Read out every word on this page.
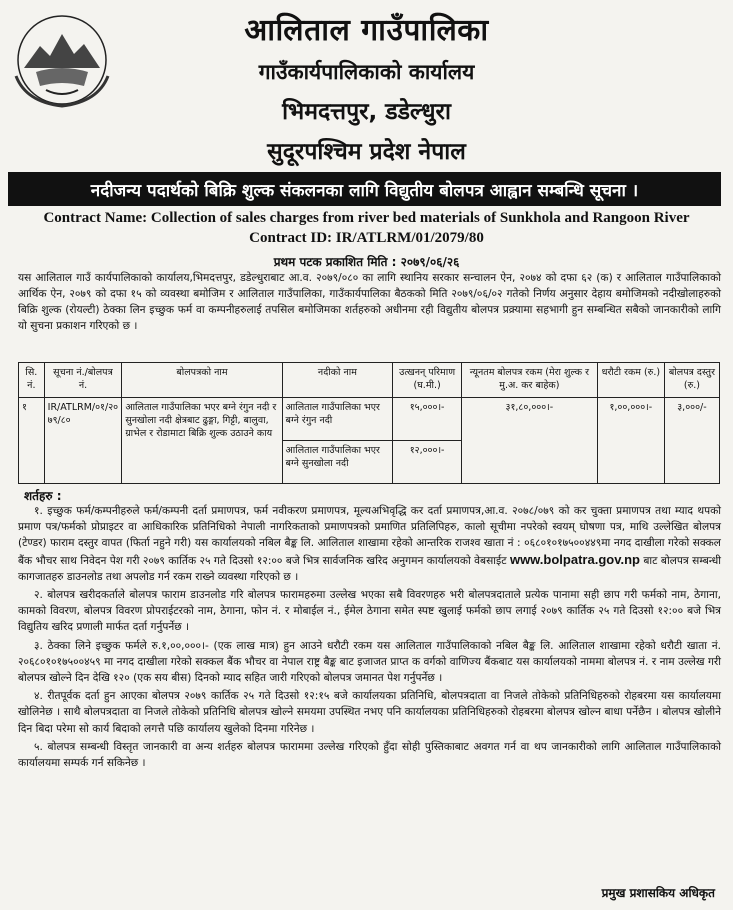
आलिताल गाउँपालिका
गाउँकार्यपालिकाको कार्यालय
भिमदत्तपुर, डडेल्धुरा
सुदूरपश्चिम प्रदेश नेपाल
नदीजन्य पदार्थको बिक्रि शुल्क संकलनका लागि विद्युतीय बोलपत्र आह्वान सम्बन्धि सूचना ।
Contract Name: Collection of sales charges from river bed materials of Sunkhola and Rangoon River
Contract ID: IR/ATLRM/01/2079/80
प्रथम पटक प्रकाशित मिति : २०७९/०६/२६
यस आलिताल गाउँ कार्यपालिकाको कार्यालय,भिमदत्तपुर, डडेल्धुराबाट आ.व. २०७९/०८० का लागि स्थानिय सरकार सन्चालन ऐन, २०७४ को दफा ६२ (क) र आलिताल गाउँपालिकाको आर्थिक ऐन, २०७९ को दफा १५ को व्यवस्था बमोजिम र आलिताल गाउँपालिका, गाउँकार्यपालिका बैठकको मिति २०७९/०६/०२ गतेको निर्णय अनुसार देहाय बमोजिमको नदीखोलाहरुको बिक्रि शुल्क (रोयल्टी) ठेक्का लिन इच्छुक फर्म वा कम्पनीहरुलाई तपसिल बमोजिमका शर्तहरुको अधीनमा रही विद्युतीय बोलपत्र प्रक्र्यामा सहभागी हुन सम्बन्धित सबैको जानकारीको लागि यो सुचना प्रकाशन गरिएको छ ।
सि. नं.	सूचना नं./बोलपत्र नं.	बोलपत्रको नाम	नदीको नाम	उत्खनन् परिमाण (घ.मी.)	न्यूनतम बोलपत्र रकम (मेरा शुल्क र मु.अ. कर बाहेक)	धरौटी रकम (रु.)	बोलपत्र दस्तुर (रु.)
१	IR/ATLRM/०१/२०७९/८०	आलिताल गाउँपालिका भएर बग्ने रंगुन नदी र सुनखोला नदी क्षेत्रबाट ढुङ्गा, गिट्टी, बालुवा, ग्राभेल र रोडामाटा बिक्रि शुल्क उठाउने काय	आलिताल गाउँपालिका भएर बग्ने रंगुन नदी	१५,०००।-	३१,८०,०००।-	१,००,०००।-	३,०००/-
			आलिताल गाउँपालिका भएर बग्ने सुनखोला नदी	१२,०००।-			
शर्तहरु :

१. इच्छुक फर्म/कम्पनीहरुले फर्म/कम्पनी दर्ता प्रमाणपत्र, फर्म नवीकरण प्रमाणपत्र, मूल्यअभिवृद्धि कर दर्ता प्रमाणपत्र,आ.व. २०७८/०७९ को कर चुक्ता प्रमाणपत्र तथा म्याद थपको प्रमाण पत्र/फर्मको प्रोप्राइटर वा आधिकारिक प्रतिनिधिको नेपाली नागरिकताको प्रमाणपत्रको प्रमाणित प्रतिलिपिहरु, कालो सूचीमा नपरेको स्वयम् घोषणा पत्र, माथि उल्लेखित बोलपत्र (टेण्डर) फाराम दस्तुर वापत (फिर्ता नहुने गरी) यस कार्यालयको नबिल बैङ्क लि. आलिताल शाखामा रहेको आन्तरिक राजश्व खाता नं : ०६८०१०१७५००४४९मा नगद दाखीला गरेको सक्कल बैंक भौचर साथ निवेदन पेश गरी २०७९ कार्तिक २५ गते दिउसो १२:०० बजे भित्र सार्वजनिक खरिद अनुगमन कार्यालयको वेबसाईट www.bolpatra.gov.np बाट बोलपत्र सम्बन्धी कागजातहरु डाउनलोड तथा अपलोड गर्न रकम राख्ने व्यवस्था गरिएको छ ।

२. बोलपत्र खरीदकर्ताले बोलपत्र फाराम डाउनलोड गरि बोलपत्र फारामहरुमा उल्लेख भएका सबै विवरणहरु भरी बोलपत्रदाताले प्रत्येक पानामा सही छाप गरी फर्मको नाम, ठेगाना, कामको विवरण, बोलपत्र विवरण प्रोपराईटरको नाम, ठेगाना, फोन नं. र मोबाईल नं., ईमेल ठेगाना समेत स्पष्ट खुलाई फर्मको छाप लगाई २०७९ कार्तिक २५ गते दिउसो १२:०० बजे भित्र विद्युतिय खरिद प्रणाली मार्फत दर्ता गर्नुपर्नेछ ।

३. ठेक्का लिने इच्छुक फर्मले रु.१,००,०००।- (एक लाख मात्र) हुन आउने धरौटी रकम यस आलिताल गाउँपालिकाको नबिल बैङ्क लि. आलिताल शाखामा रहेको धरौटी खाता नं. २०६८०१०१७५००४५९ मा नगद दाखीला गरेको सक्कल बैंक भौचर वा नेपाल राष्ट्र बैङ्क बाट इजाजत प्राप्त क वर्गको वाणिज्य बैंकबाट यस कार्यालयको नाममा बोलपत्र नं. र नाम उल्लेख गरी बोलपत्र खोल्ने दिन देखि १२० (एक सय बीस) दिनको म्याद सहित जारी गरिएको बोलपत्र जमानत पेश गर्नुपर्नेछ ।

४. रीतपूर्वक दर्ता हुन आएका बोलपत्र २०७९ कार्तिक २५ गते दिउसो १२:१५ बजे कार्यालयका प्रतिनिधि, बोलपत्रदाता वा निजले तोकेको प्रतिनिधिहरुको रोहबरमा यस कार्यालयमा खोलिनेछ । साथै बोलपत्रदाता वा निजले तोकेको प्रतिनिधि बोलपत्र खोल्ने समयमा उपस्थित नभए पनि कार्यालयका प्रतिनिधिहरुको रोहबरमा बोलपत्र खोल्न बाधा पर्नेछैन । बोलपत्र खोलीने दिन बिदा परेमा सो कार्य बिदाको लगत्तै पछि कार्यालय खुलेको दिनमा गरिनेछ ।

५. बोलपत्र सम्बन्धी विस्तृत जानकारी वा अन्य शर्तहरु बोलपत्र फाराममा उल्लेख गरिएको हुँदा सोही पुस्तिकाबाट अवगत गर्न वा थप जानकारीको लागि आलिताल गाउँपालिकाको कार्यालयमा सम्पर्क गर्न सकिनेछ ।

प्रमुख प्रशासकिय अधिकृत
